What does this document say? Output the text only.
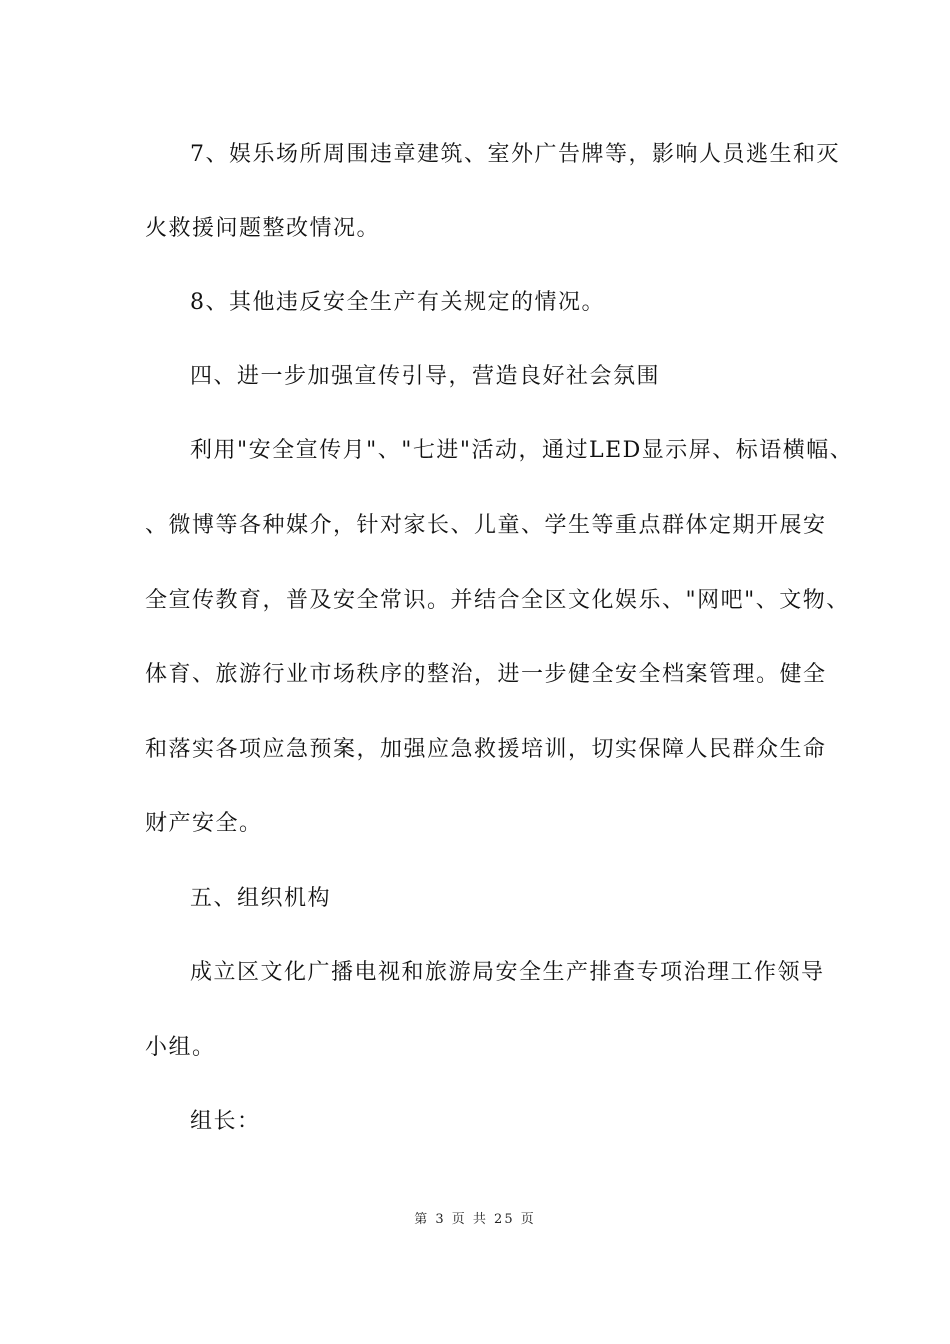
7、娱乐场所周围违章建筑、室外广告牌等，影响人员逃生和灭
火救援问题整改情况。
8、其他违反安全生产有关规定的情况。
四、进一步加强宣传引导，营造良好社会氛围
利用"安全宣传月"、"七进"活动，通过LED显示屏、标语横幅、
、微博等各种媒介，针对家长、儿童、学生等重点群体定期开展安
全宣传教育，普及安全常识。并结合全区文化娱乐、"网吧"、文物、
体育、旅游行业市场秩序的整治，进一步健全安全档案管理。健全
和落实各项应急预案，加强应急救援培训，切实保障人民群众生命
财产安全。
五、组织机构
成立区文化广播电视和旅游局安全生产排查专项治理工作领导
小组。
组长：
第 3 页 共 25 页
